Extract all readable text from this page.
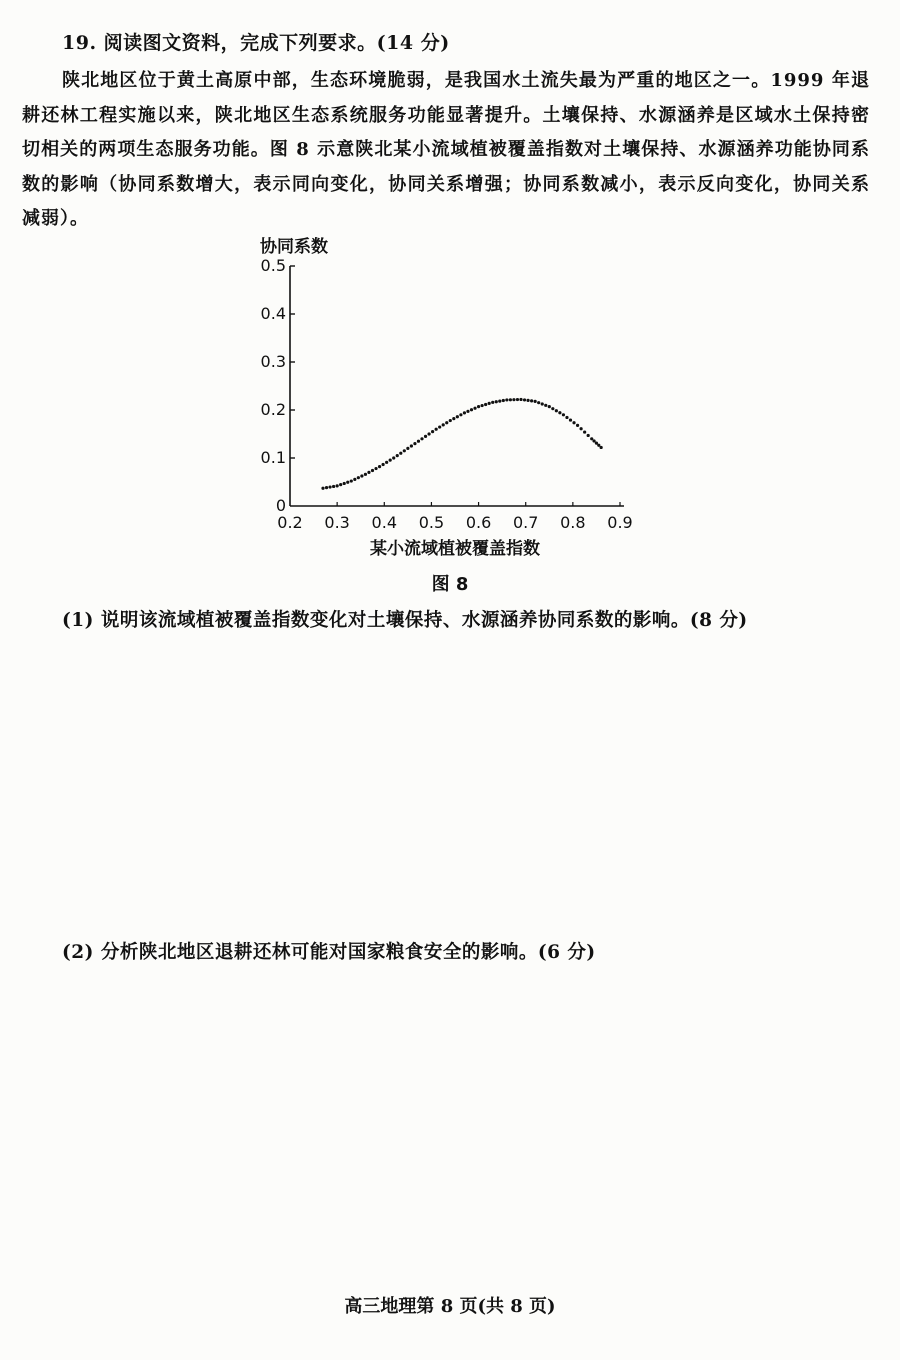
19. 阅读图文资料，完成下列要求。(14 分)
陕北地区位于黄土高原中部，生态环境脆弱，是我国水土流失最为严重的地区之一。1999 年退耕还林工程实施以来，陕北地区生态系统服务功能显著提升。土壤保持、水源涵养是区域水土保持密切相关的两项生态服务功能。图 8 示意陕北某小流域植被覆盖指数对土壤保持、水源涵养功能协同系数的影响（协同系数增大，表示同向变化，协同关系增强；协同系数减小，表示反向变化，协同关系减弱）。
0
0.1
0.2
0.3
0.4
0.5
0.2 0.3 0.4 0.5 0.6 0.7 0.8 0.9
协同系数
某小流域植被覆盖指数
图 8
(1) 说明该流域植被覆盖指数变化对土壤保持、水源涵养协同系数的影响。(8 分)
(2) 分析陕北地区退耕还林可能对国家粮食安全的影响。(6 分)
高三地理第 8 页(共 8 页)
